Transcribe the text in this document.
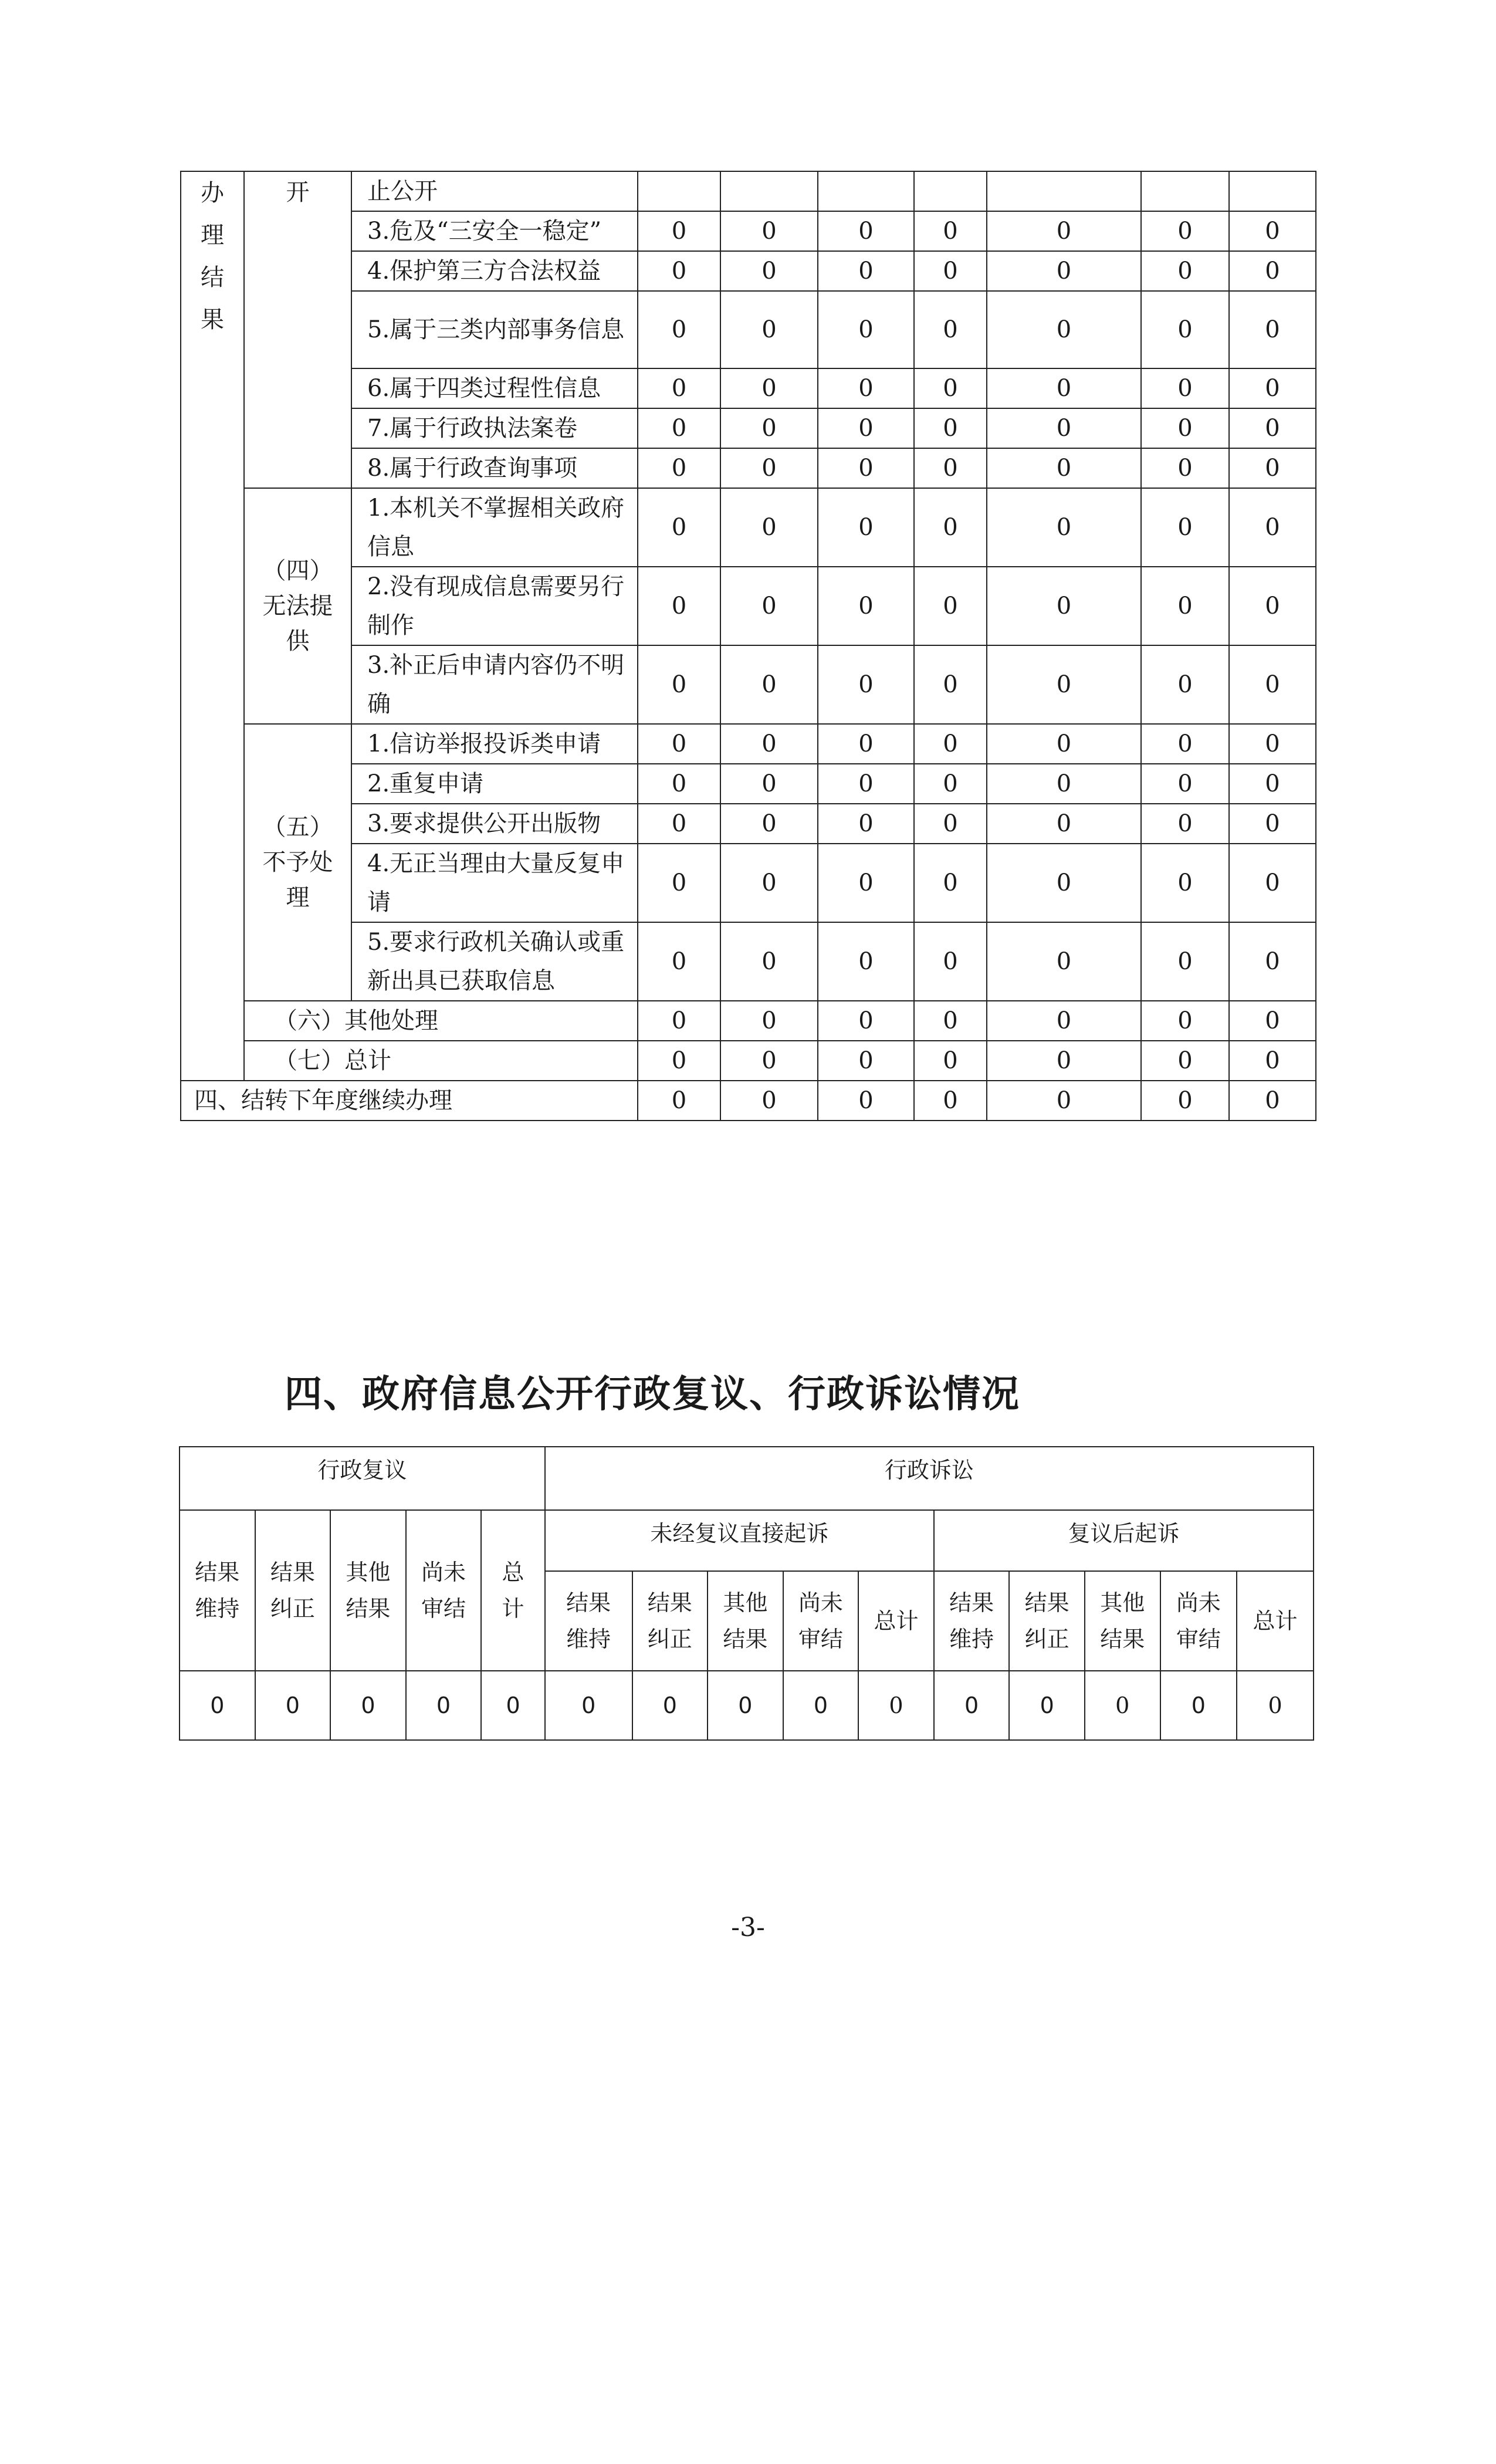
办理结果	开	止公开							
		3.危及“三安全一稳定”	0	0	0	0	0	0	0
		4.保护第三方合法权益	0	0	0	0	0	0	0
		5.属于三类内部事务信息	0	0	0	0	0	0	0
		6.属于四类过程性信息	0	0	0	0	0	0	0
		7.属于行政执法案卷	0	0	0	0	0	0	0
		8.属于行政查询事项	0	0	0	0	0	0	0

	（四）
无法提
供	1.本机关不掌握相关政府信息	0	0	0	0	0	0	0
		2.没有现成信息需要另行制作	0	0	0	0	0	0	0
		3.补正后申请内容仍不明确	0	0	0	0	0	0	0

	（五）
不予处
理	1.信访举报投诉类申请	0	0	0	0	0	0	0
		2.重复申请	0	0	0	0	0	0	0
		3.要求提供公开出版物	0	0	0	0	0	0	0
		4.无正当理由大量反复申请	0	0	0	0	0	0	0
		5.要求行政机关确认或重新出具已获取信息	0	0	0	0	0	0	0
	（六）其他处理		0	0	0	0	0	0	0
	（七）总计		0	0	0	0	0	0	0
四、结转下年度继续办理			0	0	0	0	0	0	0
四、政府信息公开行政复议、行政诉讼情况
行政复议					行政诉讼									
结果维持	结果纠正	其他结果	尚未审结	总计	未经复议直接起诉					复议后起诉				
					结果维持	结果纠正	其他结果	尚未审结	总计	结果维持	结果纠正	其他结果	尚未审结	总计
0	0	0	0	0	0	0	0	0	0	0	0	0	0	0

-3-
